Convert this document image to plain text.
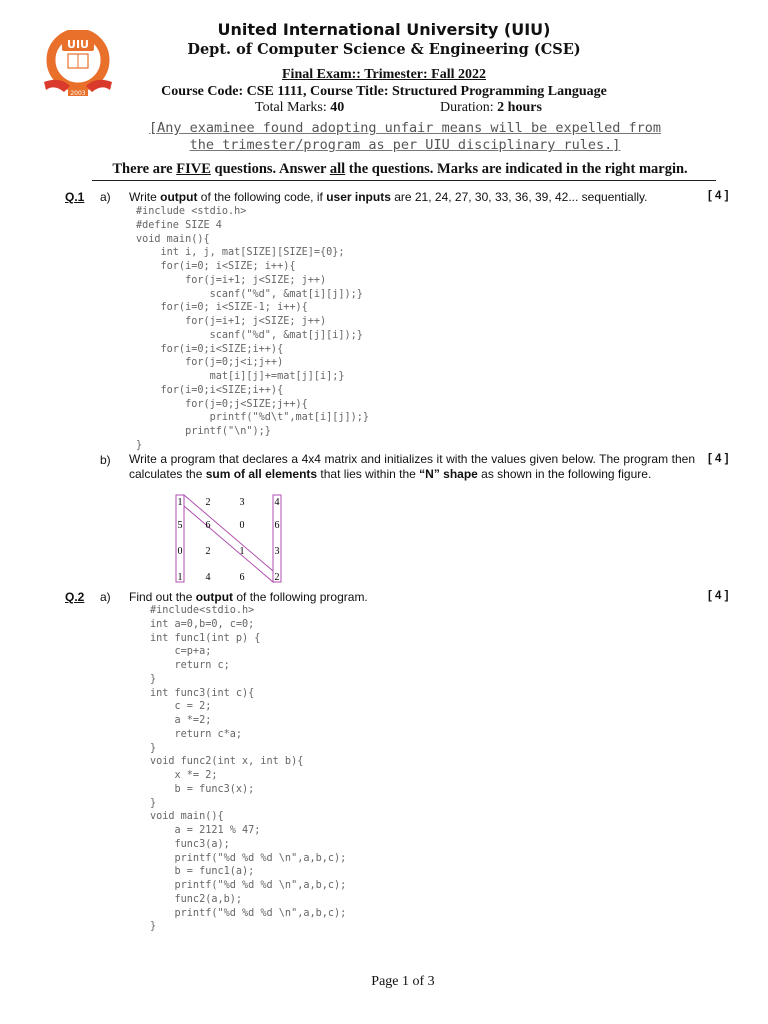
UIU
2003
United International University (UIU)
Dept. of Computer Science & Engineering (CSE)
Final Exam:: Trimester: Fall 2022
Course Code: CSE 1111, Course Title: Structured Programming Language
Total Marks: 40	Duration: 2 hours
[Any examinee found adopting unfair means will be expelled from
the trimester/program as per UIU disciplinary rules.]
There are FIVE questions. Answer all the questions. Marks are indicated in the right margin.
Q.1 a) Write output of the following code, if user inputs are 21, 24, 27, 30, 33, 36, 39, 42... sequentially.	[ 4 ]
#include <stdio.h>
#define SIZE 4
void main(){
int i, j, mat[SIZE][SIZE]={0};
for(i=0; i<SIZE; i++){
for(j=i+1; j<SIZE; j++)
scanf("%d", &mat[i][j]);}
for(i=0; i<SIZE-1; i++){
for(j=i+1; j<SIZE; j++)
scanf("%d", &mat[j][i]);}
for(i=0;i<SIZE;i++){
for(j=0;j<i;j++)
mat[i][j]+=mat[j][i];}
for(i=0;i<SIZE;i++){
for(j=0;j<SIZE;j++){
printf("%d\t",mat[i][j]);}
printf("\n");}
}
b) Write a program that declares a 4x4 matrix and initializes it with the values given below. The program then calculates the sum of all elements that lies within the “N” shape as shown in the following figure.
[ 4 ]
1 2	3	4
5 6	0	6
0 2	1	3
1 4	6	2
Q.2 a) Find out the output of the following program.	[ 4 ]
#include<stdio.h>
int a=0,b=0, c=0;
int func1(int p) {
c=p+a;
return c;
}
int func3(int c){
c = 2;
a *=2;
return c*a;
}
void func2(int x, int b){
x *= 2;
b = func3(x);
}
void main(){
a = 2121 % 47;
func3(a);
printf("%d %d %d \n",a,b,c);
b = func1(a);
printf("%d %d %d \n",a,b,c);
func2(a,b);
printf("%d %d %d \n",a,b,c);
}
Page 1 of 3
